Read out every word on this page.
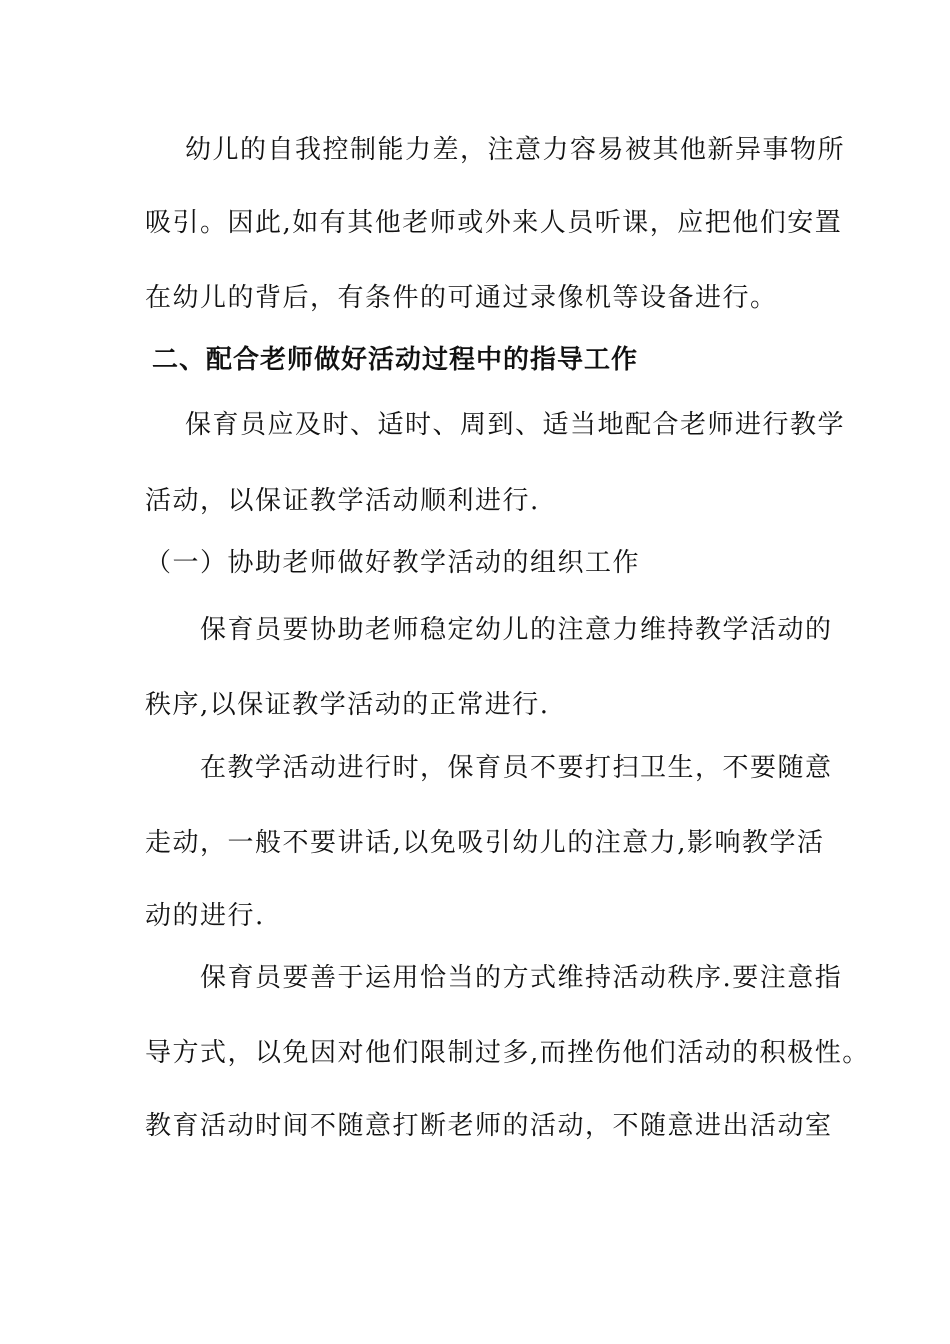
幼儿的自我控制能力差，注意力容易被其他新异事物所
吸引。因此,如有其他老师或外来人员听课，应把他们安置
在幼儿的背后，有条件的可通过录像机等设备进行。
二、配合老师做好活动过程中的指导工作
保育员应及时、适时、周到、适当地配合老师进行教学
活动，以保证教学活动顺利进行.
（一）协助老师做好教学活动的组织工作
保育员要协助老师稳定幼儿的注意力维持教学活动的
秩序,以保证教学活动的正常进行.
在教学活动进行时，保育员不要打扫卫生，不要随意
走动，一般不要讲话,以免吸引幼儿的注意力,影响教学活
动的进行.
保育员要善于运用恰当的方式维持活动秩序.要注意指
导方式，以免因对他们限制过多,而挫伤他们活动的积极性。
教育活动时间不随意打断老师的活动，不随意进出活动室
